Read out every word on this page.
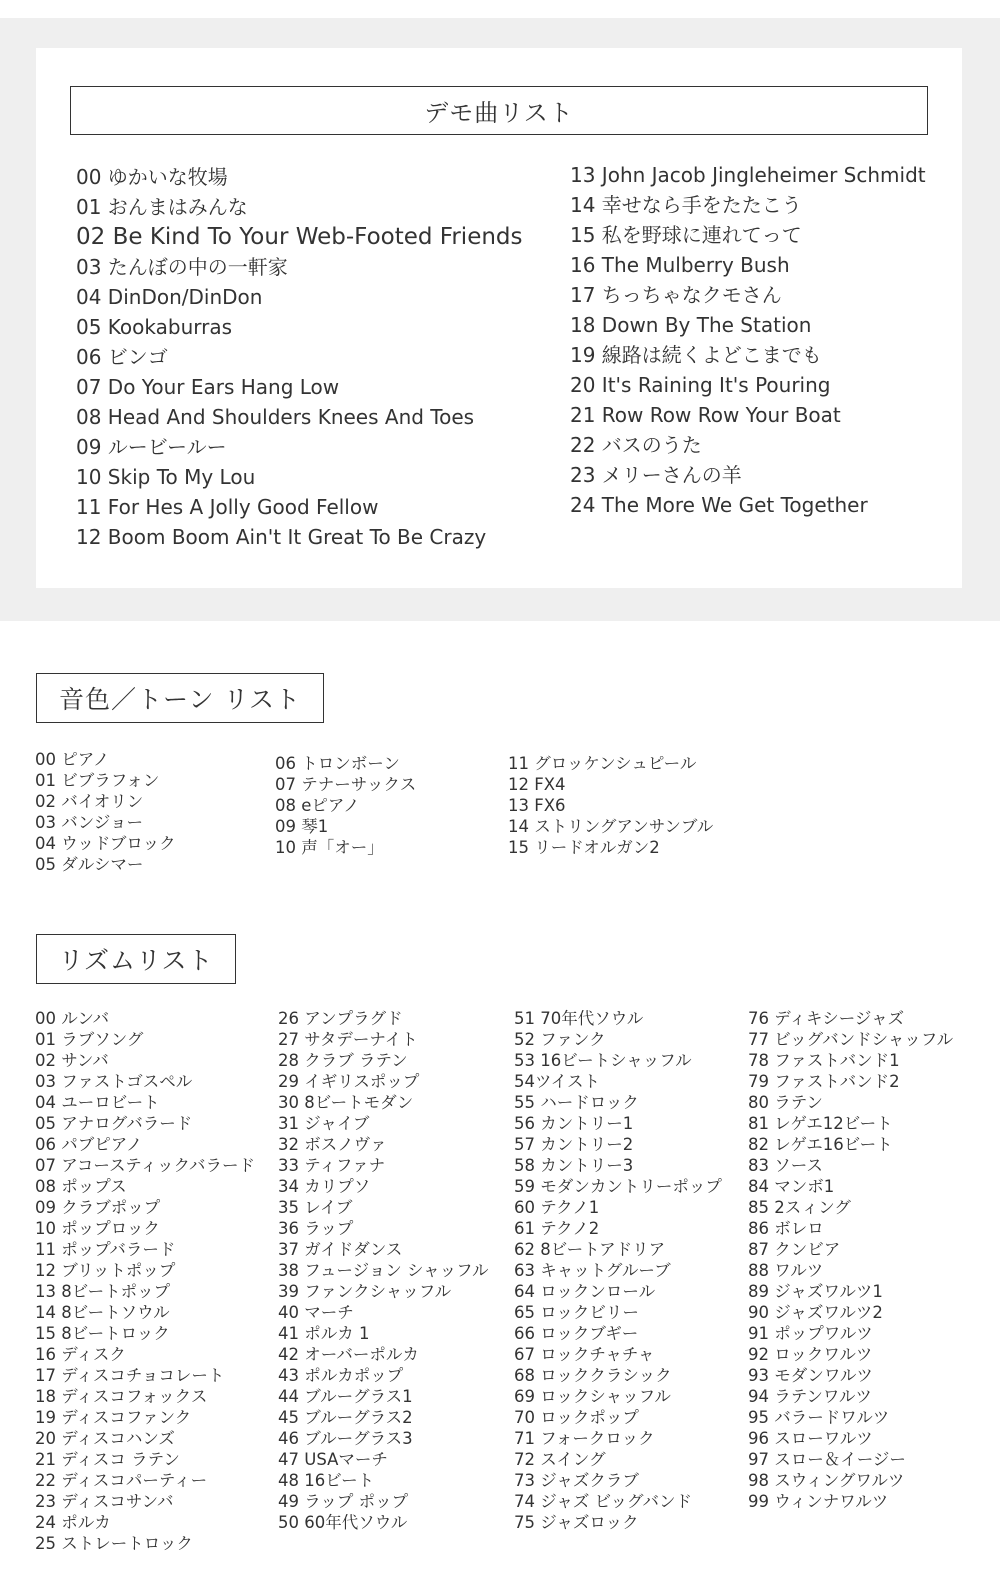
デモ曲リスト
00 ゆかいな牧場
01 おんまはみんな
02 Be Kind To Your Web-Footed Friends
03 たんぼの中の一軒家
04 DinDon/DinDon
05 Kookaburras
06 ビンゴ
07 Do Your Ears Hang Low
08 Head And Shoulders Knees And Toes
09 ルービールー
10 Skip To My Lou
11 For Hes A Jolly Good Fellow
12 Boom Boom Ain't It Great To Be Crazy
13 John Jacob Jingleheimer Schmidt
14 幸せなら手をたたこう
15 私を野球に連れてって
16 The Mulberry Bush
17 ちっちゃなクモさん
18 Down By The Station
19 線路は続くよどこまでも
20 It's Raining It's Pouring
21 Row Row Row Your Boat
22 バスのうた
23 メリーさんの羊
24 The More We Get Together
音色／トーン リスト
00 ピアノ
01 ビブラフォン
02 バイオリン
03 バンジョー
04 ウッドブロック
05 ダルシマー
06 トロンボーン
07 テナーサックス
08 eピアノ
09 琴1
10 声「オー」
11 グロッケンシュピール
12 FX4
13 FX6
14 ストリングアンサンブル
15 リードオルガン2
リズムリスト
00 ルンバ
01 ラブソング
02 サンバ
03 ファストゴスペル
04 ユーロビート
05 アナログバラード
06 パブピアノ
07 アコースティックバラード
08 ポップス
09 クラブポップ
10 ポップロック
11 ポップバラード
12 ブリットポップ
13 8ビートポップ
14 8ビートソウル
15 8ビートロック
16 ディスク
17 ディスコチョコレート
18 ディスコフォックス
19 ディスコファンク
20 ディスコハンズ
21 ディスコ ラテン
22 ディスコパーティー
23 ディスコサンバ
24 ポルカ
25 ストレートロック
26 アンプラグド
27 サタデーナイト
28 クラブ ラテン
29 イギリスポップ
30 8ビートモダン
31 ジャイブ
32 ボスノヴァ
33 ティファナ
34 カリプソ
35 レイブ
36 ラップ
37 ガイドダンス
38 フュージョン シャッフル
39 ファンクシャッフル
40 マーチ
41 ポルカ 1
42 オーバーポルカ
43 ポルカポップ
44 ブルーグラス1
45 ブルーグラス2
46 ブルーグラス3
47 USAマーチ
48 16ビート
49 ラップ ポップ
50 60年代ソウル
51 70年代ソウル
52 ファンク
53 16ビートシャッフル
54ツイスト
55 ハードロック
56 カントリー1
57 カントリー2
58 カントリー3
59 モダンカントリーポップ
60 テクノ1
61 テクノ2
62 8ビートアドリア
63 キャットグルーブ
64 ロックンロール
65 ロックビリー
66 ロックブギー
67 ロックチャチャ
68 ロッククラシック
69 ロックシャッフル
70 ロックポップ
71 フォークロック
72 スイング
73 ジャズクラブ
74 ジャズ ビッグバンド
75 ジャズロック
76 ディキシージャズ
77 ビッグバンドシャッフル
78 ファストバンド1
79 ファストバンド2
80 ラテン
81 レゲエ12ビート
82 レゲエ16ビート
83 ソース
84 マンボ1
85 2スィング
86 ボレロ
87 クンビア
88 ワルツ
89 ジャズワルツ1
90 ジャズワルツ2
91 ポップワルツ
92 ロックワルツ
93 モダンワルツ
94 ラテンワルツ
95 バラードワルツ
96 スローワルツ
97 スロー＆イージー
98 スウィングワルツ
99 ウィンナワルツ
